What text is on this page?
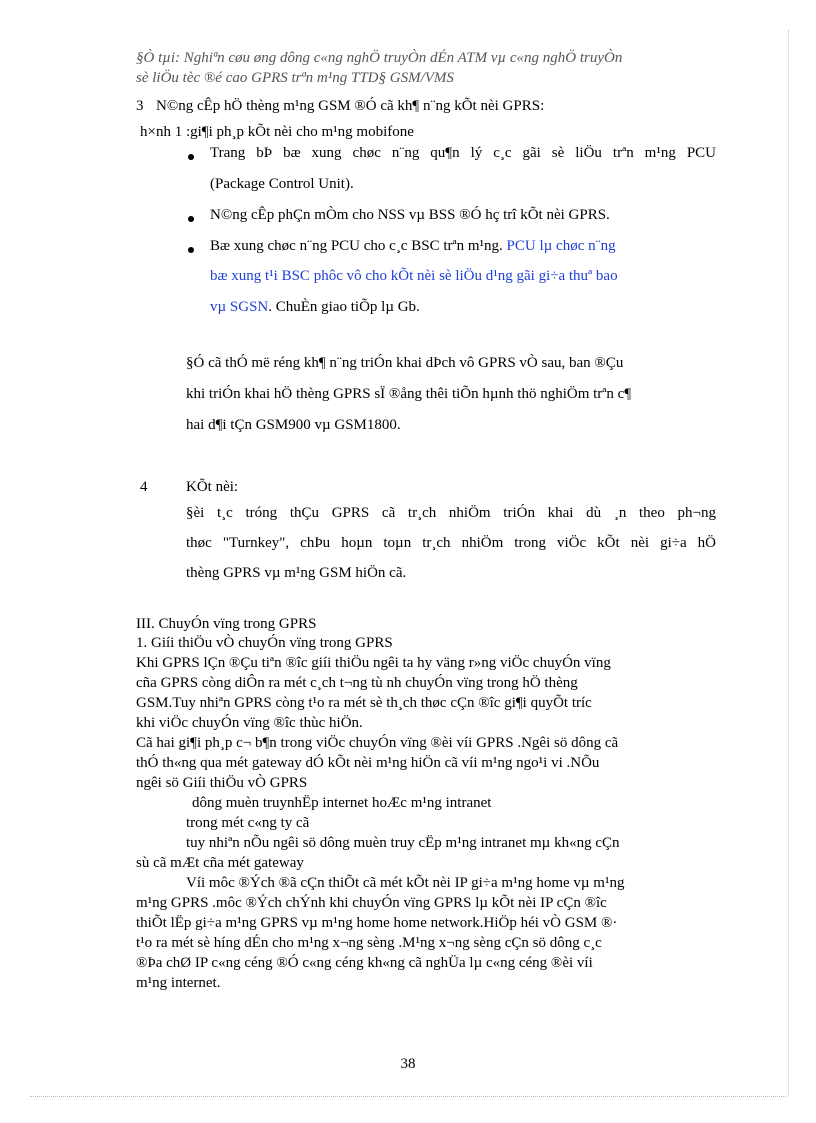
§Ò tµi: Nghiªn cøu øng dông c«ng nghÖ truyÒn dÉn ATM vµ c«ng nghÖ truyÒn
sè liÖu tèc ®é cao GPRS trªn m¹ng TTD§ GSM/VMS
3 N©ng cÊp hÖ thèng m¹ng GSM ®Ó cã kh¶ n¨ng kÕt nèi GPRS:
h×nh 1 :gi¶i ph¸p kÕt nèi cho m¹ng mobifone
Trang bÞ bæ xung chøc n¨ng qu¶n lý c¸c gãi sè liÖu trªn m¹ng PCU
(Package Control Unit).
N©ng cÊp phÇn mÒm cho NSS vµ BSS ®Ó hç trî kÕt nèi GPRS.
Bæ xung chøc n¨ng PCU cho c¸c BSC trªn m¹ng. PCU lµ chøc n¨ng
bæ xung t¹i BSC phôc vô cho kÕt nèi sè liÖu d¹ng gãi gi÷a thuª bao
vµ SGSN. ChuÈn giao tiÕp lµ Gb.
§Ó cã thÓ më réng kh¶ n¨ng triÓn khai dÞch vô GPRS vÒ sau, ban ®Çu
khi triÓn khai hÖ thèng GPRS sÏ ®ång thêi tiÕn hµnh thö nghiÖm trªn c¶
hai d¶i tÇn GSM900 vµ GSM1800.
4	KÕt nèi:
§èi t¸c tróng thÇu GPRS cã tr¸ch nhiÖm triÓn khai dù ¸n theo ph¬ng
thøc "Turnkey", chÞu hoµn toµn tr¸ch nhiÖm trong viÖc kÕt nèi gi÷a hÖ
thèng GPRS vµ m¹ng GSM hiÖn cã.
III. ChuyÓn vïng trong GPRS
1. Giíi thiÖu vÒ chuyÓn vïng trong GPRS
Khi GPRS lÇn ®Çu tiªn ®îc giíi thiÖu ngêi ta hy väng r»ng viÖc chuyÓn vïng
cña GPRS còng diÔn ra mét c¸ch t¬ng tù nh chuyÓn vïng trong hÖ thèng
GSM.Tuy nhiªn GPRS còng t¹o ra mét sè th¸ch thøc cÇn ®îc gi¶i quyÕt tríc
khi viÖc chuyÓn vïng ®îc thùc hiÖn.
Cã hai gi¶i ph¸p c¬ b¶n trong viÖc chuyÓn vïng ®èi víi GPRS .Ngêi sö dông cã
thÓ th«ng qua mét gateway dÓ kÕt nèi m¹ng hiÖn cã víi m¹ng ngo¹i vi .NÕu
ngêi sö Giíi thiÖu vÒ GPRS
dông muèn truynhËp internet hoÆc m¹ng intranet
trong mét c«ng ty cã
tuy nhiªn nÕu ngêi sö dông muèn truy cËp m¹ng intranet mµ kh«ng cÇn
sù cã mÆt cña mét gateway
Víi môc ®Ých ®ã cÇn thiÕt cã mét kÕt nèi IP gi÷a m¹ng home vµ m¹ng
m¹ng GPRS .môc ®Ých chÝnh khi chuyÓn vïng GPRS lµ kÕt nèi IP cÇn ®îc
thiÕt lËp gi÷a m¹ng GPRS vµ m¹ng home home network.HiÖp héi vÒ GSM ®·
t¹o ra mét sè híng dÉn cho m¹ng x¬ng sèng .M¹ng x¬ng sèng cÇn sö dông c¸c
®Þa chØ IP c«ng céng ®Ó c«ng céng kh«ng cã nghÜa lµ c«ng céng ®èi víi
m¹ng internet.
38
